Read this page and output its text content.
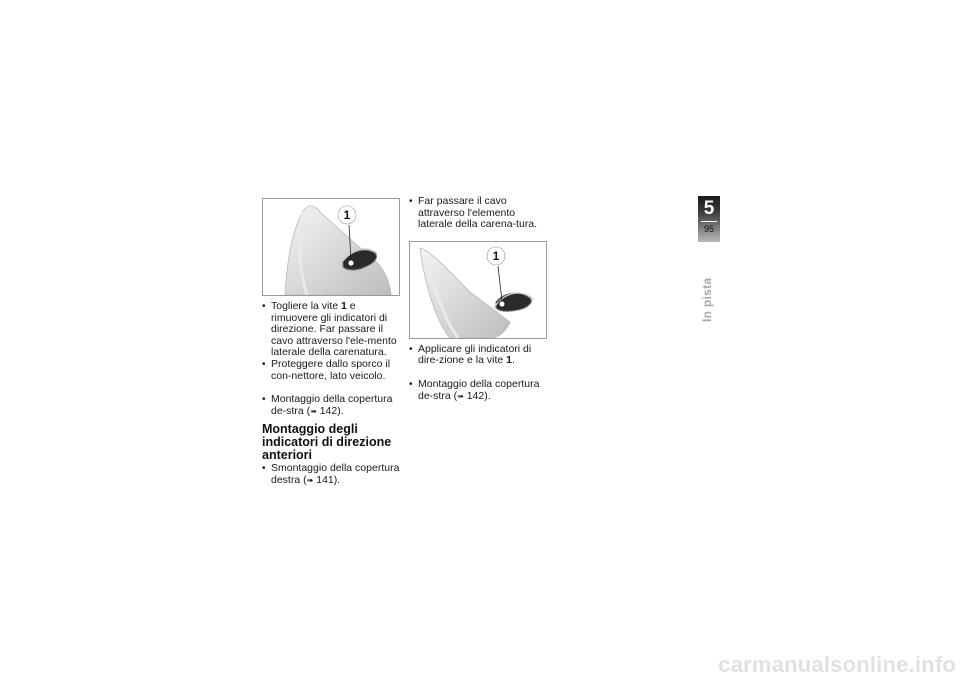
1
• Togliere la vite 1 e rimuovere gli indicatori di direzione. Far passare il cavo attraverso l'ele-mento laterale della carenatura.
• Proteggere dallo sporco il con-nettore, lato veicolo.
• Montaggio della copertura de-stra (➠ 142).
Montaggio degli indicatori di direzione anteriori
• Smontaggio della copertura destra (➠ 141).
• Far passare il cavo attraverso l'elemento laterale della carena-tura.
1
• Applicare gli indicatori di dire-zione e la vite 1.
• Montaggio della copertura de-stra (➠ 142).
5
95
In pista
carmanualsonline.info
